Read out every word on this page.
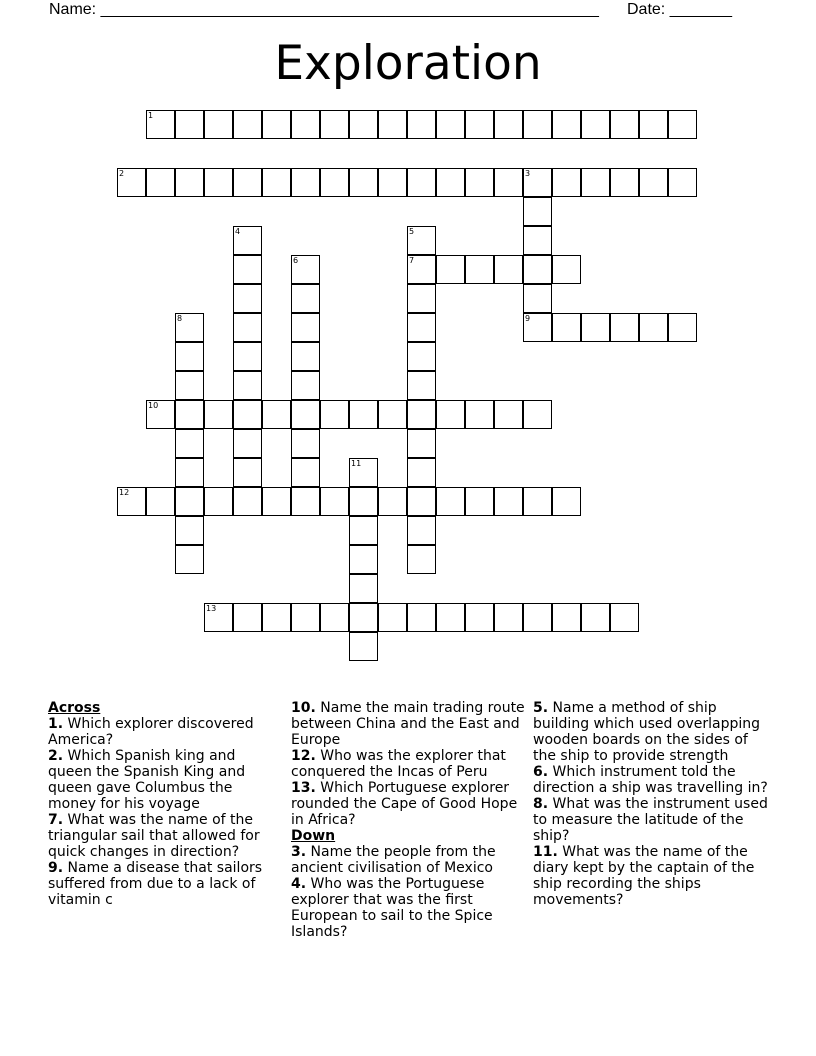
Name: ________________________________________________________ Date: _______
Exploration
1
2	3
7
9
10
12
13
4	5
6
8
11
Across
1. Which explorer discovered America?
2. Which Spanish king and queen the Spanish King and queen gave Columbus the money for his voyage
7. What was the name of the triangular sail that allowed for quick changes in direction?
9. Name a disease that sailors suffered from due to a lack of vitamin c
10. Name the main trading route between China and the East and Europe
12. Who was the explorer that conquered the Incas of Peru
13. Which Portuguese explorer rounded the Cape of Good Hope in Africa?
Down
3. Name the people from the ancient civilisation of Mexico
4. Who was the Portuguese explorer that was the first European to sail to the Spice Islands?
5. Name a method of ship building which used overlapping wooden boards on the sides of the ship to provide strength
6. Which instrument told the direction a ship was travelling in?
8. What was the instrument used to measure the latitude of the ship?
11. What was the name of the diary kept by the captain of the ship recording the ships movements?
